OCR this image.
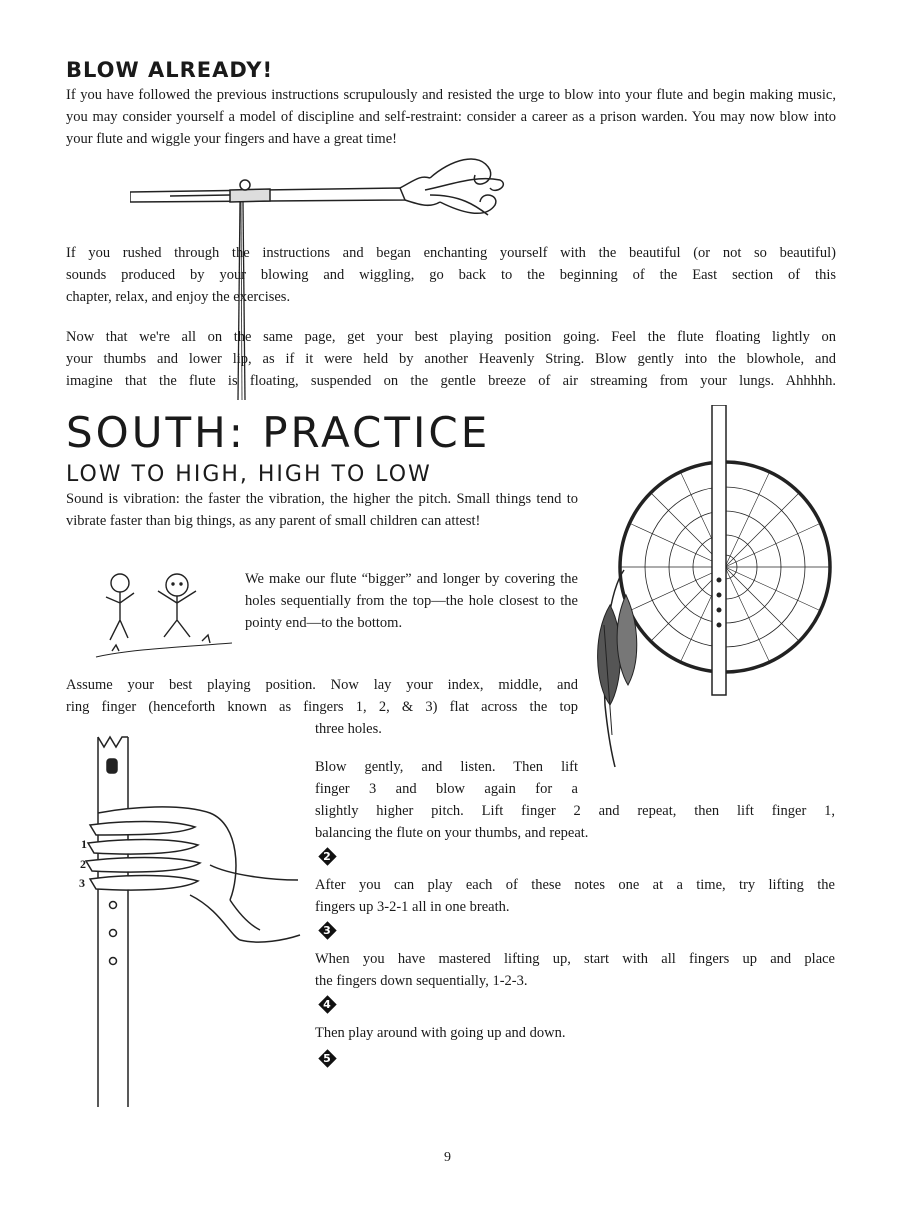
BLOW ALREADY!

If you have followed the previous instructions scrupulously and resisted the urge to blow into your flute and begin making music, you may consider yourself a model of discipline and self-restraint: consider a career as a prison warden. You may now blow into your flute and wiggle your fingers and have a great time!

If you rushed through the instructions and began enchanting yourself with the beautiful (or not so beautiful)
sounds produced by your blowing and wiggling, go back to the beginning of the East section of this
chapter, relax, and enjoy the exercises.
Now that we're all on the same page, get your best playing position going. Feel the flute floating lightly on
your thumbs and lower lip, as if it were held by another Heavenly String. Blow gently into the blowhole, and
imagine that the flute is floating, suspended on the gentle breeze of air streaming from your lungs. Ahhhhh.
SOUTH: PRACTICE
LOW TO HIGH, HIGH TO LOW

Sound is vibration: the faster the vibration, the higher the pitch. Small things tend to vibrate faster than big things, as any parent of small children can attest!

We make our flute “bigger” and longer by covering the holes sequentially from the top—the hole closest to the pointy end—to the bottom.

Assume your best playing position. Now lay your index, middle, and
ring finger (henceforth known as fingers 1, 2, & 3) flat across the top
three holes.
1
2
3
Blow gently, and listen. Then lift
finger 3 and blow again for a
slightly higher pitch. Lift finger 2 and repeat, then lift finger 1,
balancing the flute on your thumbs, and repeat.
2
After you can play each of these notes one at a time, try lifting the
fingers up 3-2-1 all in one breath.
3
When you have mastered lifting up, start with all fingers up and place
the fingers down sequentially, 1-2-3.
4
Then play around with going up and down.
5
9
